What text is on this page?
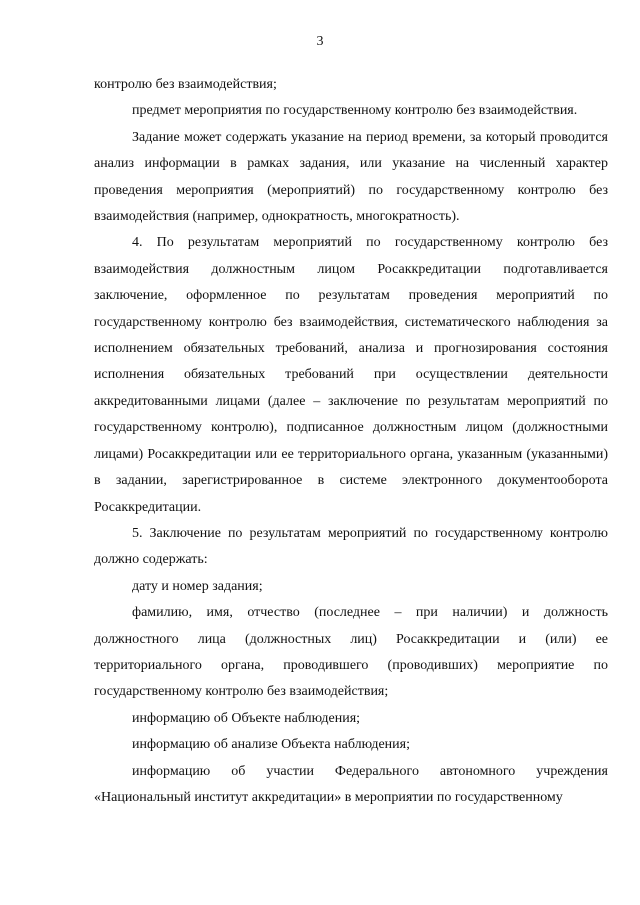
3

контролю без взаимодействия;

предмет мероприятия по государственному контролю без взаимодействия.

Задание может содержать указание на период времени, за который проводится анализ информации в рамках задания, или указание на численный характер проведения мероприятия (мероприятий) по государственному контролю без взаимодействия (например, однократность, многократность).

4. По результатам мероприятий по государственному контролю без взаимодействия должностным лицом Росаккредитации подготавливается заключение, оформленное по результатам проведения мероприятий по государственному контролю без взаимодействия, систематического наблюдения за исполнением обязательных требований, анализа и прогнозирования состояния исполнения обязательных требований при осуществлении деятельности аккредитованными лицами (далее – заключение по результатам мероприятий по государственному контролю), подписанное должностным лицом (должностными лицами) Росаккредитации или ее территориального органа, указанным (указанными) в задании, зарегистрированное в системе электронного документооборота Росаккредитации.

5. Заключение по результатам мероприятий по государственному контролю должно содержать:

дату и номер задания;

фамилию, имя, отчество (последнее – при наличии) и должность должностного лица (должностных лиц) Росаккредитации и (или) ее территориального органа, проводившего (проводивших) мероприятие по государственному контролю без взаимодействия;

информацию об Объекте наблюдения;

информацию об анализе Объекта наблюдения;

информацию об участии Федерального автономного учреждения «Национальный институт аккредитации» в мероприятии по государственному
